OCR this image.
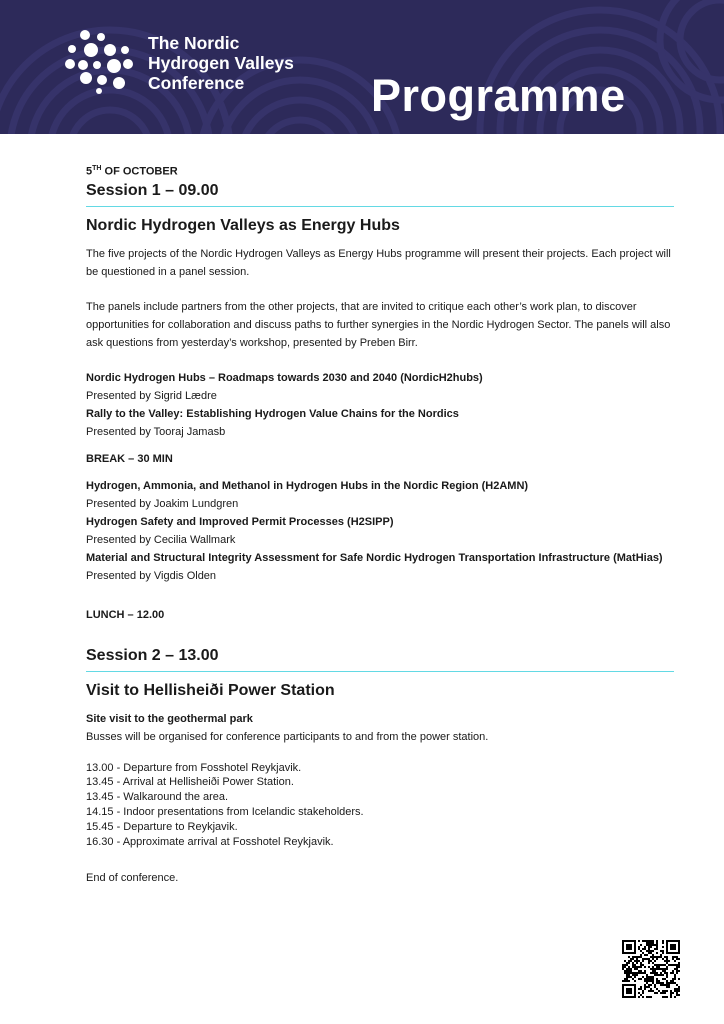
The Nordic
Hydrogen Valleys
Conference	Programme

5TH OF OCTOBER

Session 1 – 09.00
Nordic Hydrogen Valleys as Energy Hubs

The five projects of the Nordic Hydrogen Valleys as Energy Hubs programme will present their projects. Each project will be questioned in a panel session.

The panels include partners from the other projects, that are invited to critique each other’s work plan, to discover opportunities for collaboration and discuss paths to further synergies in the Nordic Hydrogen Sector. The panels will also ask questions from yesterday’s workshop, presented by Preben Birr.

Nordic Hydrogen Hubs – Roadmaps towards 2030 and 2040 (NordicH2hubs)

Presented by Sigrid Lædre

Rally to the Valley: Establishing Hydrogen Value Chains for the Nordics

Presented by Tooraj Jamasb

BREAK – 30 MIN

Hydrogen, Ammonia, and Methanol in Hydrogen Hubs in the Nordic Region (H2AMN)

Presented by Joakim Lundgren

Hydrogen Safety and Improved Permit Processes (H2SIPP)

Presented by Cecilia Wallmark

Material and Structural Integrity Assessment for Safe Nordic Hydrogen Transportation Infrastructure (MatHias)

Presented by Vigdis Olden

LUNCH – 12.00

Session 2 – 13.00
Visit to Hellisheiði Power Station

Site visit to the geothermal park

Busses will be organised for conference participants to and from the power station.

13.00 - Departure from Fosshotel Reykjavik.
13.45 - Arrival at Hellisheiði Power Station.
13.45 - Walkaround the area.
14.15 - Indoor presentations from Icelandic stakeholders.
15.45 - Departure to Reykjavik.
16.30 - Approximate arrival at Fosshotel Reykjavik.

End of conference.
